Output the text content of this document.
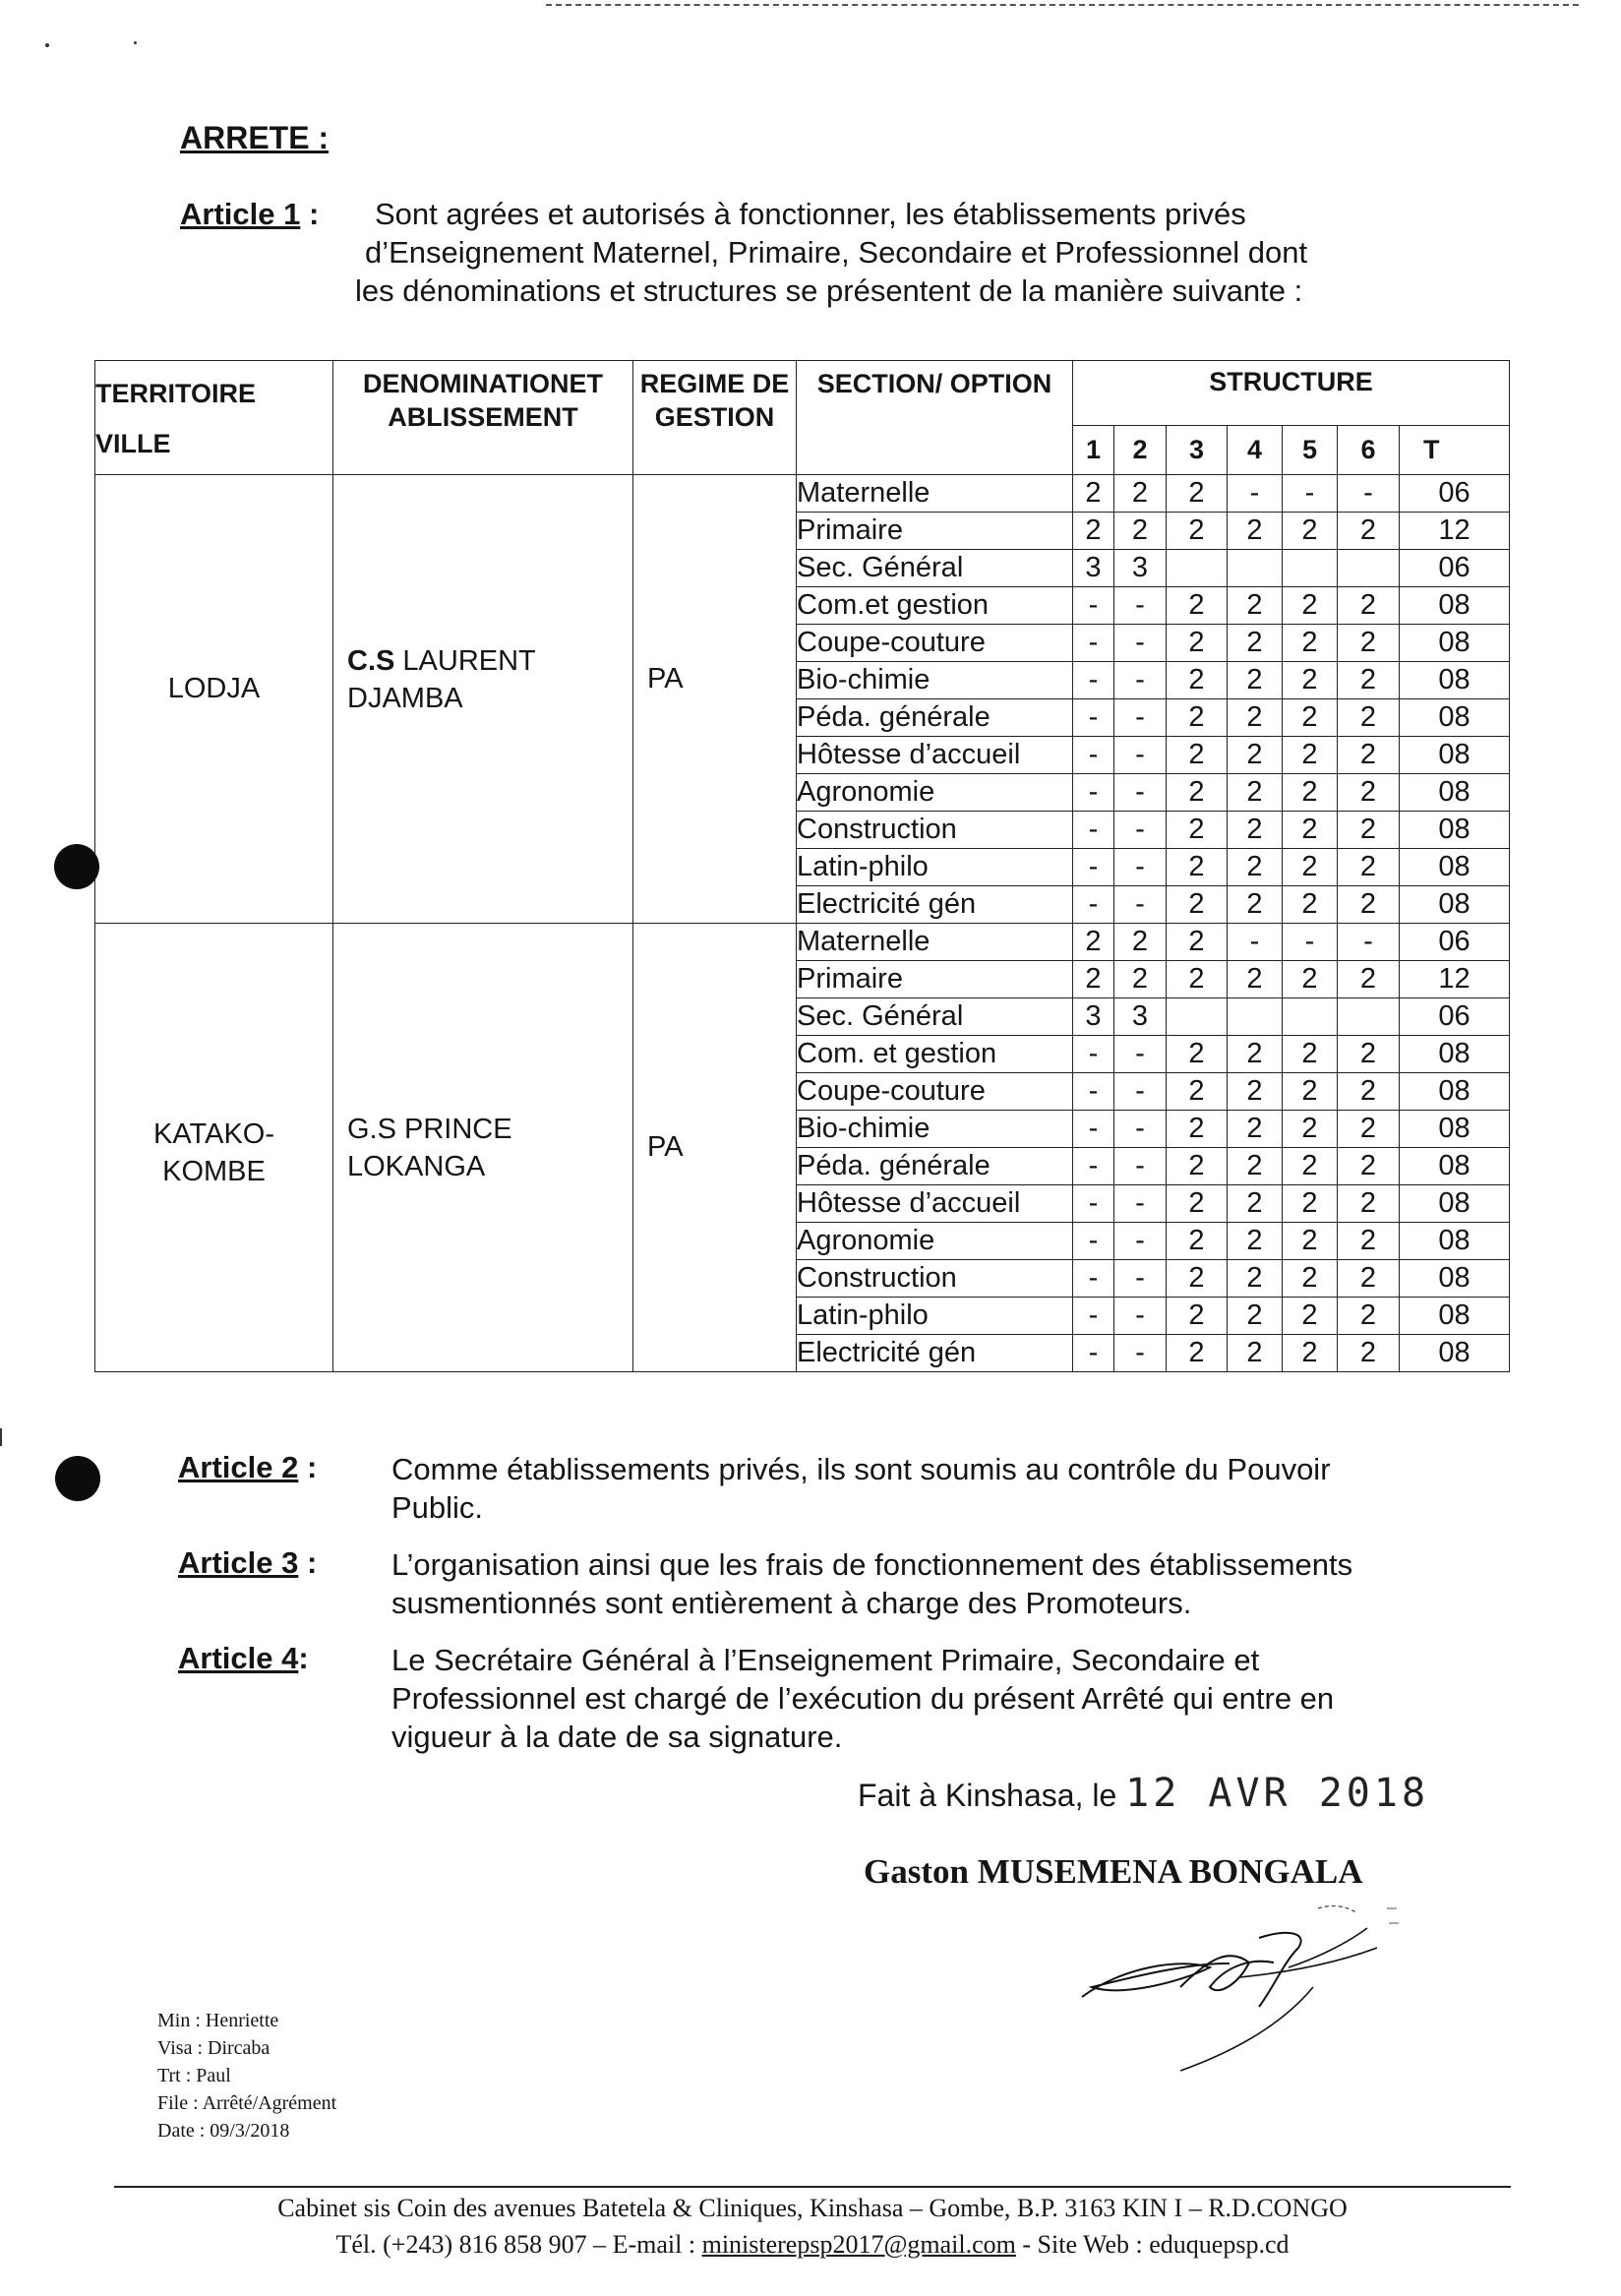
ARRETE :
Article 1 :	Sont agrées et autorisés à fonctionner, les établissements privés
d’Enseignement Maternel, Primaire, Secondaire et Professionnel dont
les dénominations et structures se présentent de la manière suivante :
TERRITOIRE
VILLE	DENOMINATIONET ABLISSEMENT	REGIME DE GESTION	SECTION/ OPTION	STRUCTURE						
				1	2	3	4	5	6	T
LODJA	C.S LAURENT DJAMBA	PA	Maternelle	2	2	2	-	-	-	06
			Primaire	2	2	2	2	2	2	12
			Sec. Général	3	3					06
			Com.et gestion	-	-	2	2	2	2	08
			Coupe-couture	-	-	2	2	2	2	08
			Bio-chimie	-	-	2	2	2	2	08
			Péda. générale	-	-	2	2	2	2	08
			Hôtesse d’accueil	-	-	2	2	2	2	08
			Agronomie	-	-	2	2	2	2	08
			Construction	-	-	2	2	2	2	08
			Latin-philo	-	-	2	2	2	2	08
			Electricité gén	-	-	2	2	2	2	08
KATAKO- KOMBE	G.S PRINCE LOKANGA	PA	Maternelle	2	2	2	-	-	-	06
			Primaire	2	2	2	2	2	2	12
			Sec. Général	3	3					06
			Com. et gestion	-	-	2	2	2	2	08
			Coupe-couture	-	-	2	2	2	2	08
			Bio-chimie	-	-	2	2	2	2	08
			Péda. générale	-	-	2	2	2	2	08
			Hôtesse d’accueil	-	-	2	2	2	2	08
			Agronomie	-	-	2	2	2	2	08
			Construction	-	-	2	2	2	2	08
			Latin-philo	-	-	2	2	2	2	08
			Electricité gén	-	-	2	2	2	2	08
Article 2 : Comme établissements privés, ils sont soumis au contrôle du Pouvoir
Public.
Article 3 : L’organisation ainsi que les frais de fonctionnement des établissements
susmentionnés sont entièrement à charge des Promoteurs.
Article 4:	Le Secrétaire Général à l’Enseignement Primaire, Secondaire et
Professionnel est chargé de l’exécution du présent Arrêté qui entre en
vigueur à la date de sa signature.
Fait à Kinshasa, le 12 AVR 2018
Gaston MUSEMENA BONGALA
Min : Henriette
Visa : Dircaba
Trt : Paul
File : Arrêté/Agrément
Date : 09/3/2018
Cabinet sis Coin des avenues Batetela & Cliniques, Kinshasa – Gombe, B.P. 3163 KIN I – R.D.CONGO
Tél. (+243) 816 858 907 – E-mail : ministerepsp2017@gmail.com - Site Web : eduquepsp.cd
